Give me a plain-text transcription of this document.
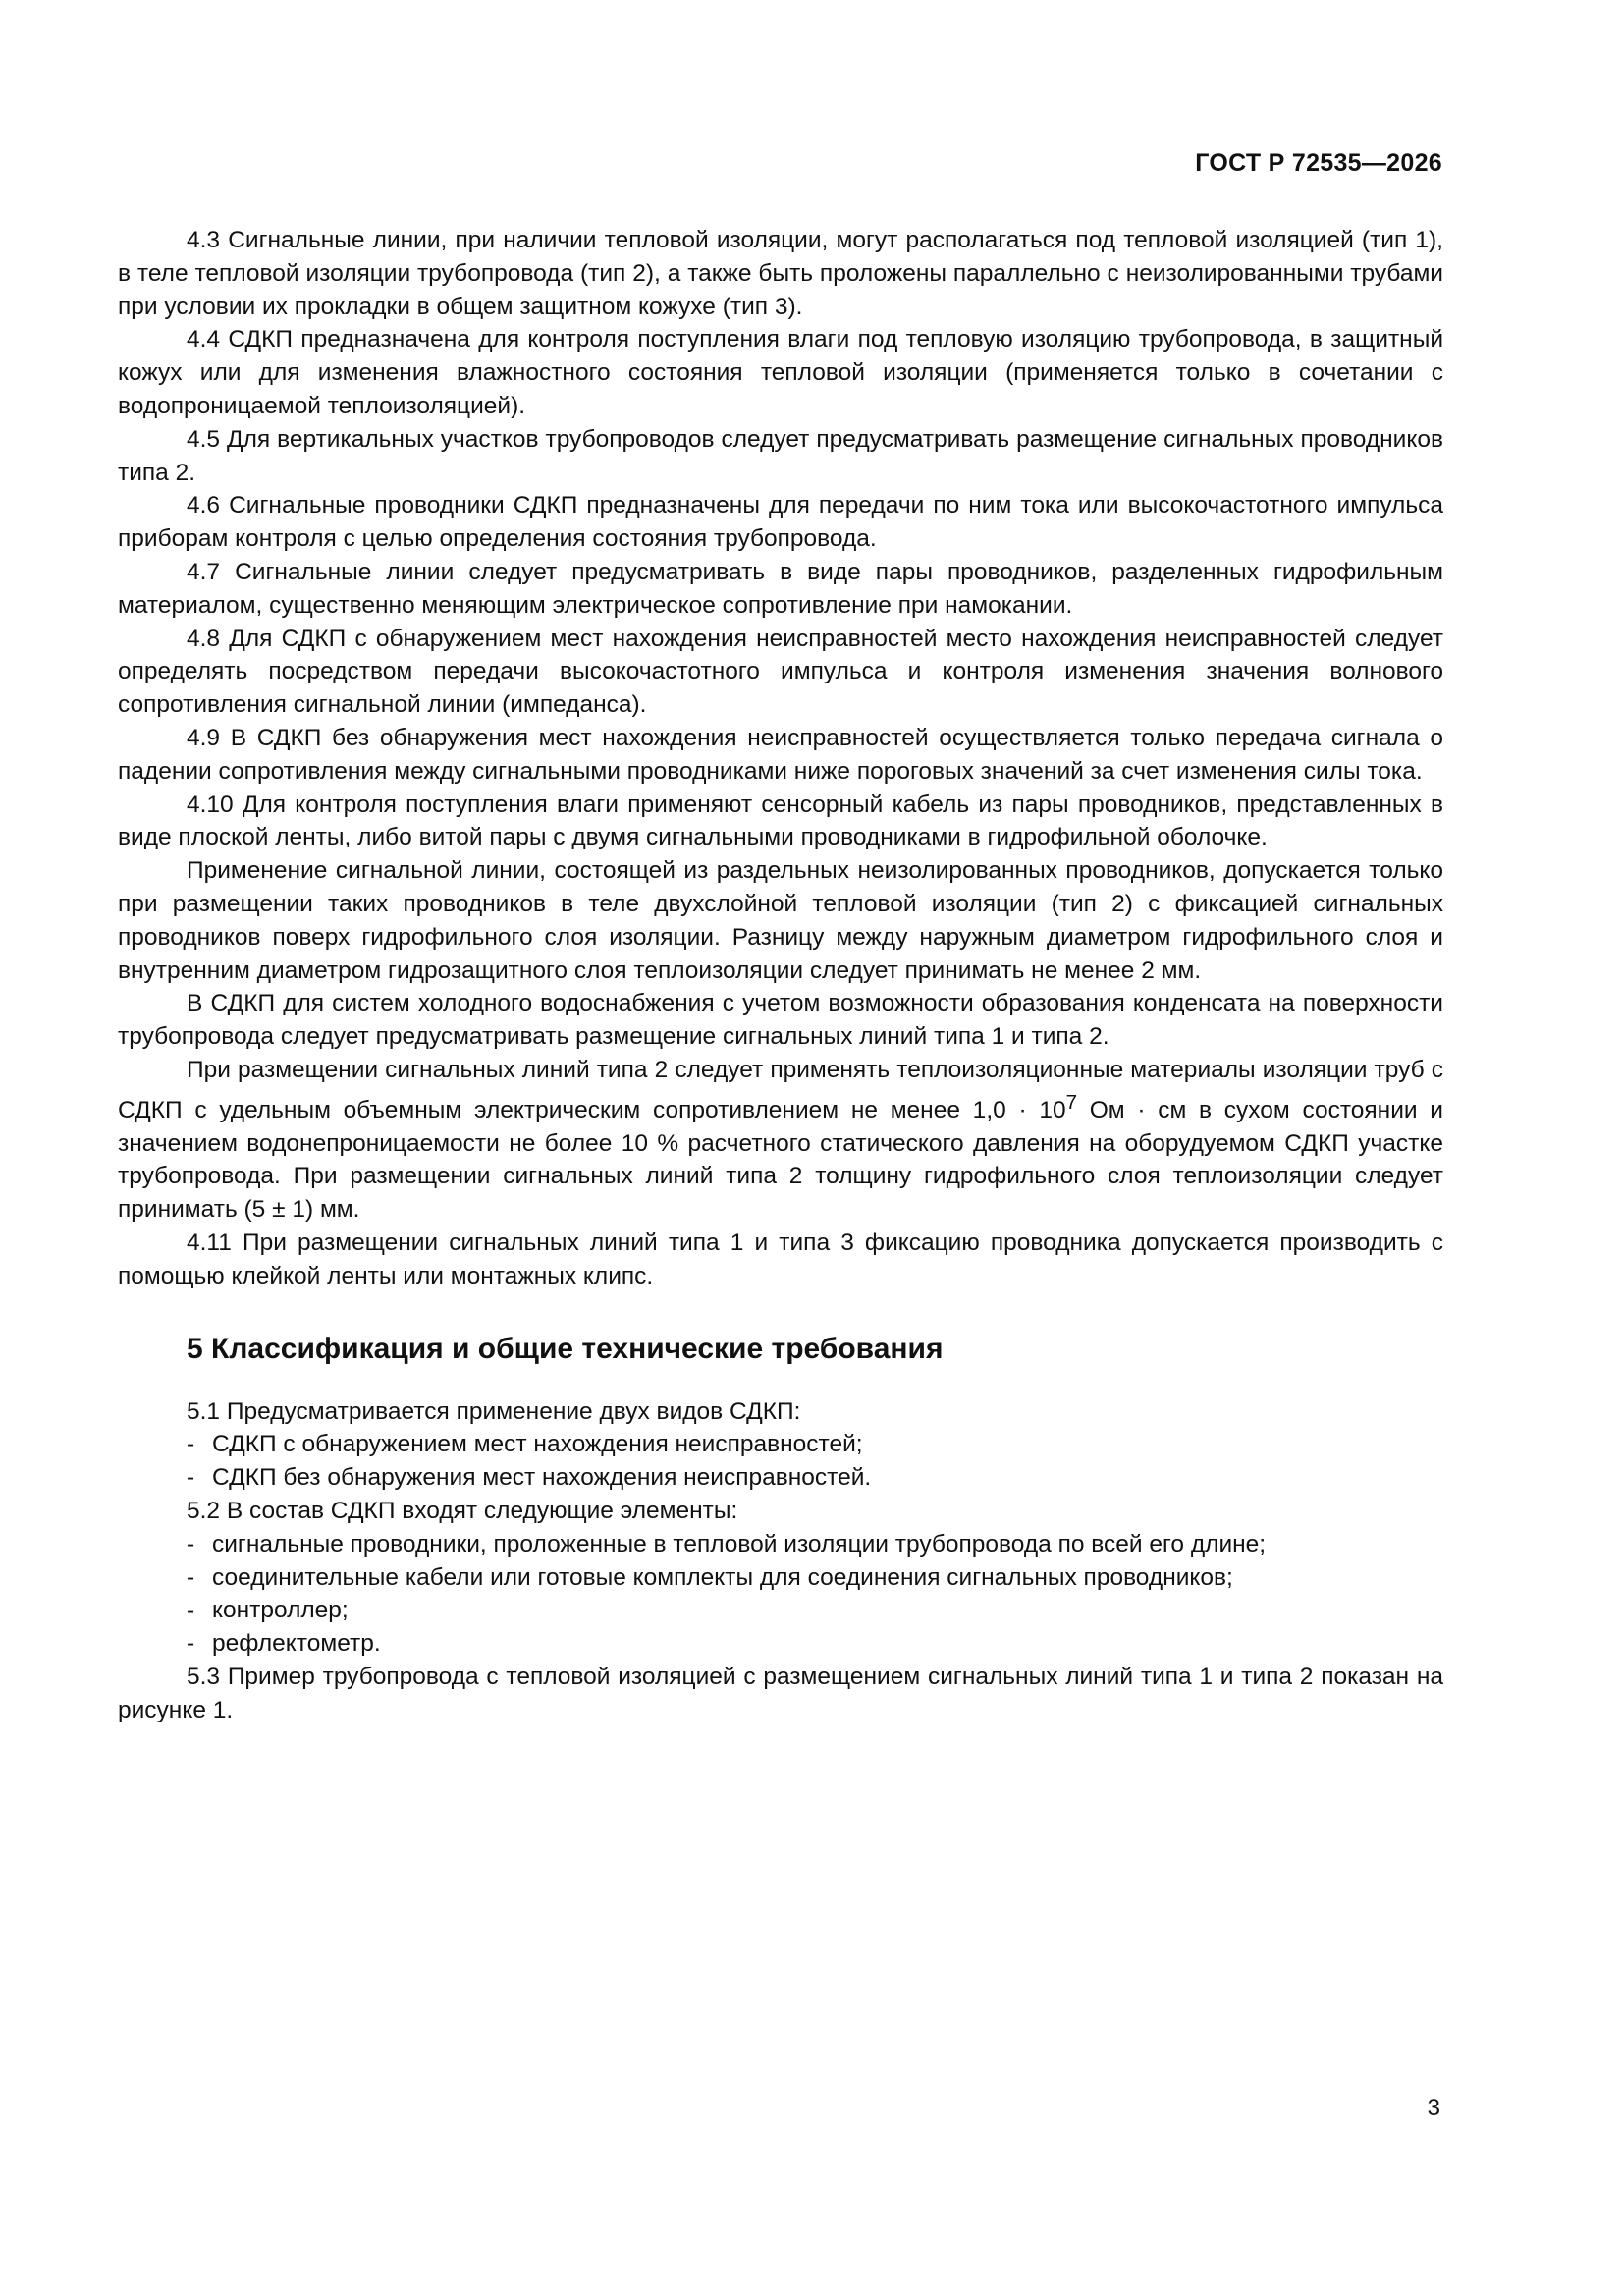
ГОСТ Р 72535—2026

4.3 Сигнальные линии, при наличии тепловой изоляции, могут располагаться под тепловой изоляцией (тип 1), в теле тепловой изоляции трубопровода (тип 2), а также быть проложены параллельно с неизолированными трубами при условии их прокладки в общем защитном кожухе (тип 3).

4.4 СДКП предназначена для контроля поступления влаги под тепловую изоляцию трубопровода, в защитный кожух или для изменения влажностного состояния тепловой изоляции (применяется только в сочетании с водопроницаемой теплоизоляцией).

4.5 Для вертикальных участков трубопроводов следует предусматривать размещение сигнальных проводников типа 2.

4.6 Сигнальные проводники СДКП предназначены для передачи по ним тока или высокочастотного импульса приборам контроля с целью определения состояния трубопровода.

4.7 Сигнальные линии следует предусматривать в виде пары проводников, разделенных гидрофильным материалом, существенно меняющим электрическое сопротивление при намокании.

4.8 Для СДКП с обнаружением мест нахождения неисправностей место нахождения неисправностей следует определять посредством передачи высокочастотного импульса и контроля изменения значения волнового сопротивления сигнальной линии (импеданса).

4.9 В СДКП без обнаружения мест нахождения неисправностей осуществляется только передача сигнала о падении сопротивления между сигнальными проводниками ниже пороговых значений за счет изменения силы тока.

4.10 Для контроля поступления влаги применяют сенсорный кабель из пары проводников, представленных в виде плоской ленты, либо витой пары с двумя сигнальными проводниками в гидрофильной оболочке.

Применение сигнальной линии, состоящей из раздельных неизолированных проводников, допускается только при размещении таких проводников в теле двухслойной тепловой изоляции (тип 2) с фиксацией сигнальных проводников поверх гидрофильного слоя изоляции. Разницу между наружным диаметром гидрофильного слоя и внутренним диаметром гидрозащитного слоя теплоизоляции следует принимать не менее 2 мм.

В СДКП для систем холодного водоснабжения с учетом возможности образования конденсата на поверхности трубопровода следует предусматривать размещение сигнальных линий типа 1 и типа 2.

При размещении сигнальных линий типа 2 следует применять теплоизоляционные материалы изоляции труб с СДКП с удельным объемным электрическим сопротивлением не менее $1,0 \cdot 10^7$ Ом · см в сухом состоянии и значением водонепроницаемости не более 10 % расчетного статического давления на оборудуемом СДКП участке трубопровода. При размещении сигнальных линий типа 2 толщину гидрофильного слоя теплоизоляции следует принимать (5 ± 1) мм.

4.11 При размещении сигнальных линий типа 1 и типа 3 фиксацию проводника допускается производить с помощью клейкой ленты или монтажных клипс.

5 Классификация и общие технические требования

5.1 Предусматривается применение двух видов СДКП:

- СДКП с обнаружением мест нахождения неисправностей;

- СДКП без обнаружения мест нахождения неисправностей.

5.2 В состав СДКП входят следующие элементы:

- сигнальные проводники, проложенные в тепловой изоляции трубопровода по всей его длине;

- соединительные кабели или готовые комплекты для соединения сигнальных проводников;

- контроллер;

- рефлектометр.

5.3 Пример трубопровода с тепловой изоляцией с размещением сигнальных линий типа 1 и типа 2 показан на рисунке 1.

3
